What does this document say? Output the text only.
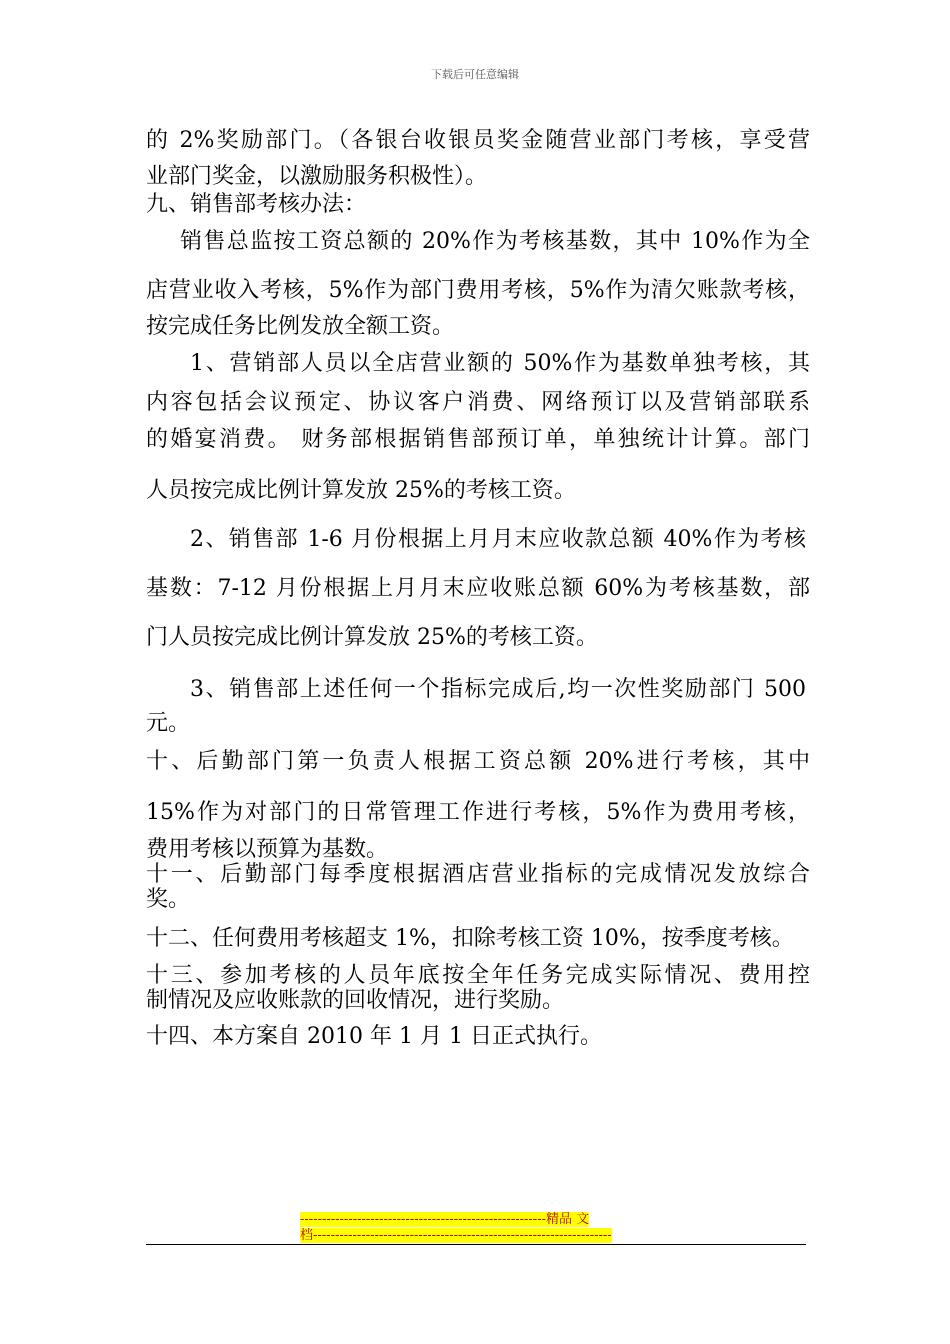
下载后可任意编辑
的 2%奖励部门。（各银台收银员奖金随营业部门考核，享受营
业部门奖金，以激励服务积极性）。
九、销售部考核办法：
销售总监按工资总额的 20%作为考核基数，其中 10%作为全
店营业收入考核，5%作为部门费用考核，5%作为清欠账款考核，
按完成任务比例发放全额工资。
1、营销部人员以全店营业额的 50%作为基数单独考核，其
内容包括会议预定、协议客户消费、网络预订以及营销部联系
的婚宴消费。 财务部根据销售部预订单，单独统计计算。部门
人员按完成比例计算发放 25%的考核工资。
2、销售部 1-6 月份根据上月月末应收款总额 40%作为考核
基数：7-12 月份根据上月月末应收账总额 60%为考核基数，部
门人员按完成比例计算发放 25%的考核工资。
3、销售部上述任何一个指标完成后,均一次性奖励部门 500
元。
十、后勤部门第一负责人根据工资总额 20%进行考核，其中
15%作为对部门的日常管理工作进行考核，5%作为费用考核，
费用考核以预算为基数。
十一、后勤部门每季度根据酒店营业指标的完成情况发放综合
奖。
十二、任何费用考核超支 1%，扣除考核工资 10%，按季度考核。
十三、参加考核的人员年底按全年任务完成实际情况、费用控
制情况及应收账款的回收情况，进行奖励。
十四、本方案自 2010 年 1 月 1 日正式执行。
--------------------------------------------------------精品 文
档--------------------------------------------------------------------
